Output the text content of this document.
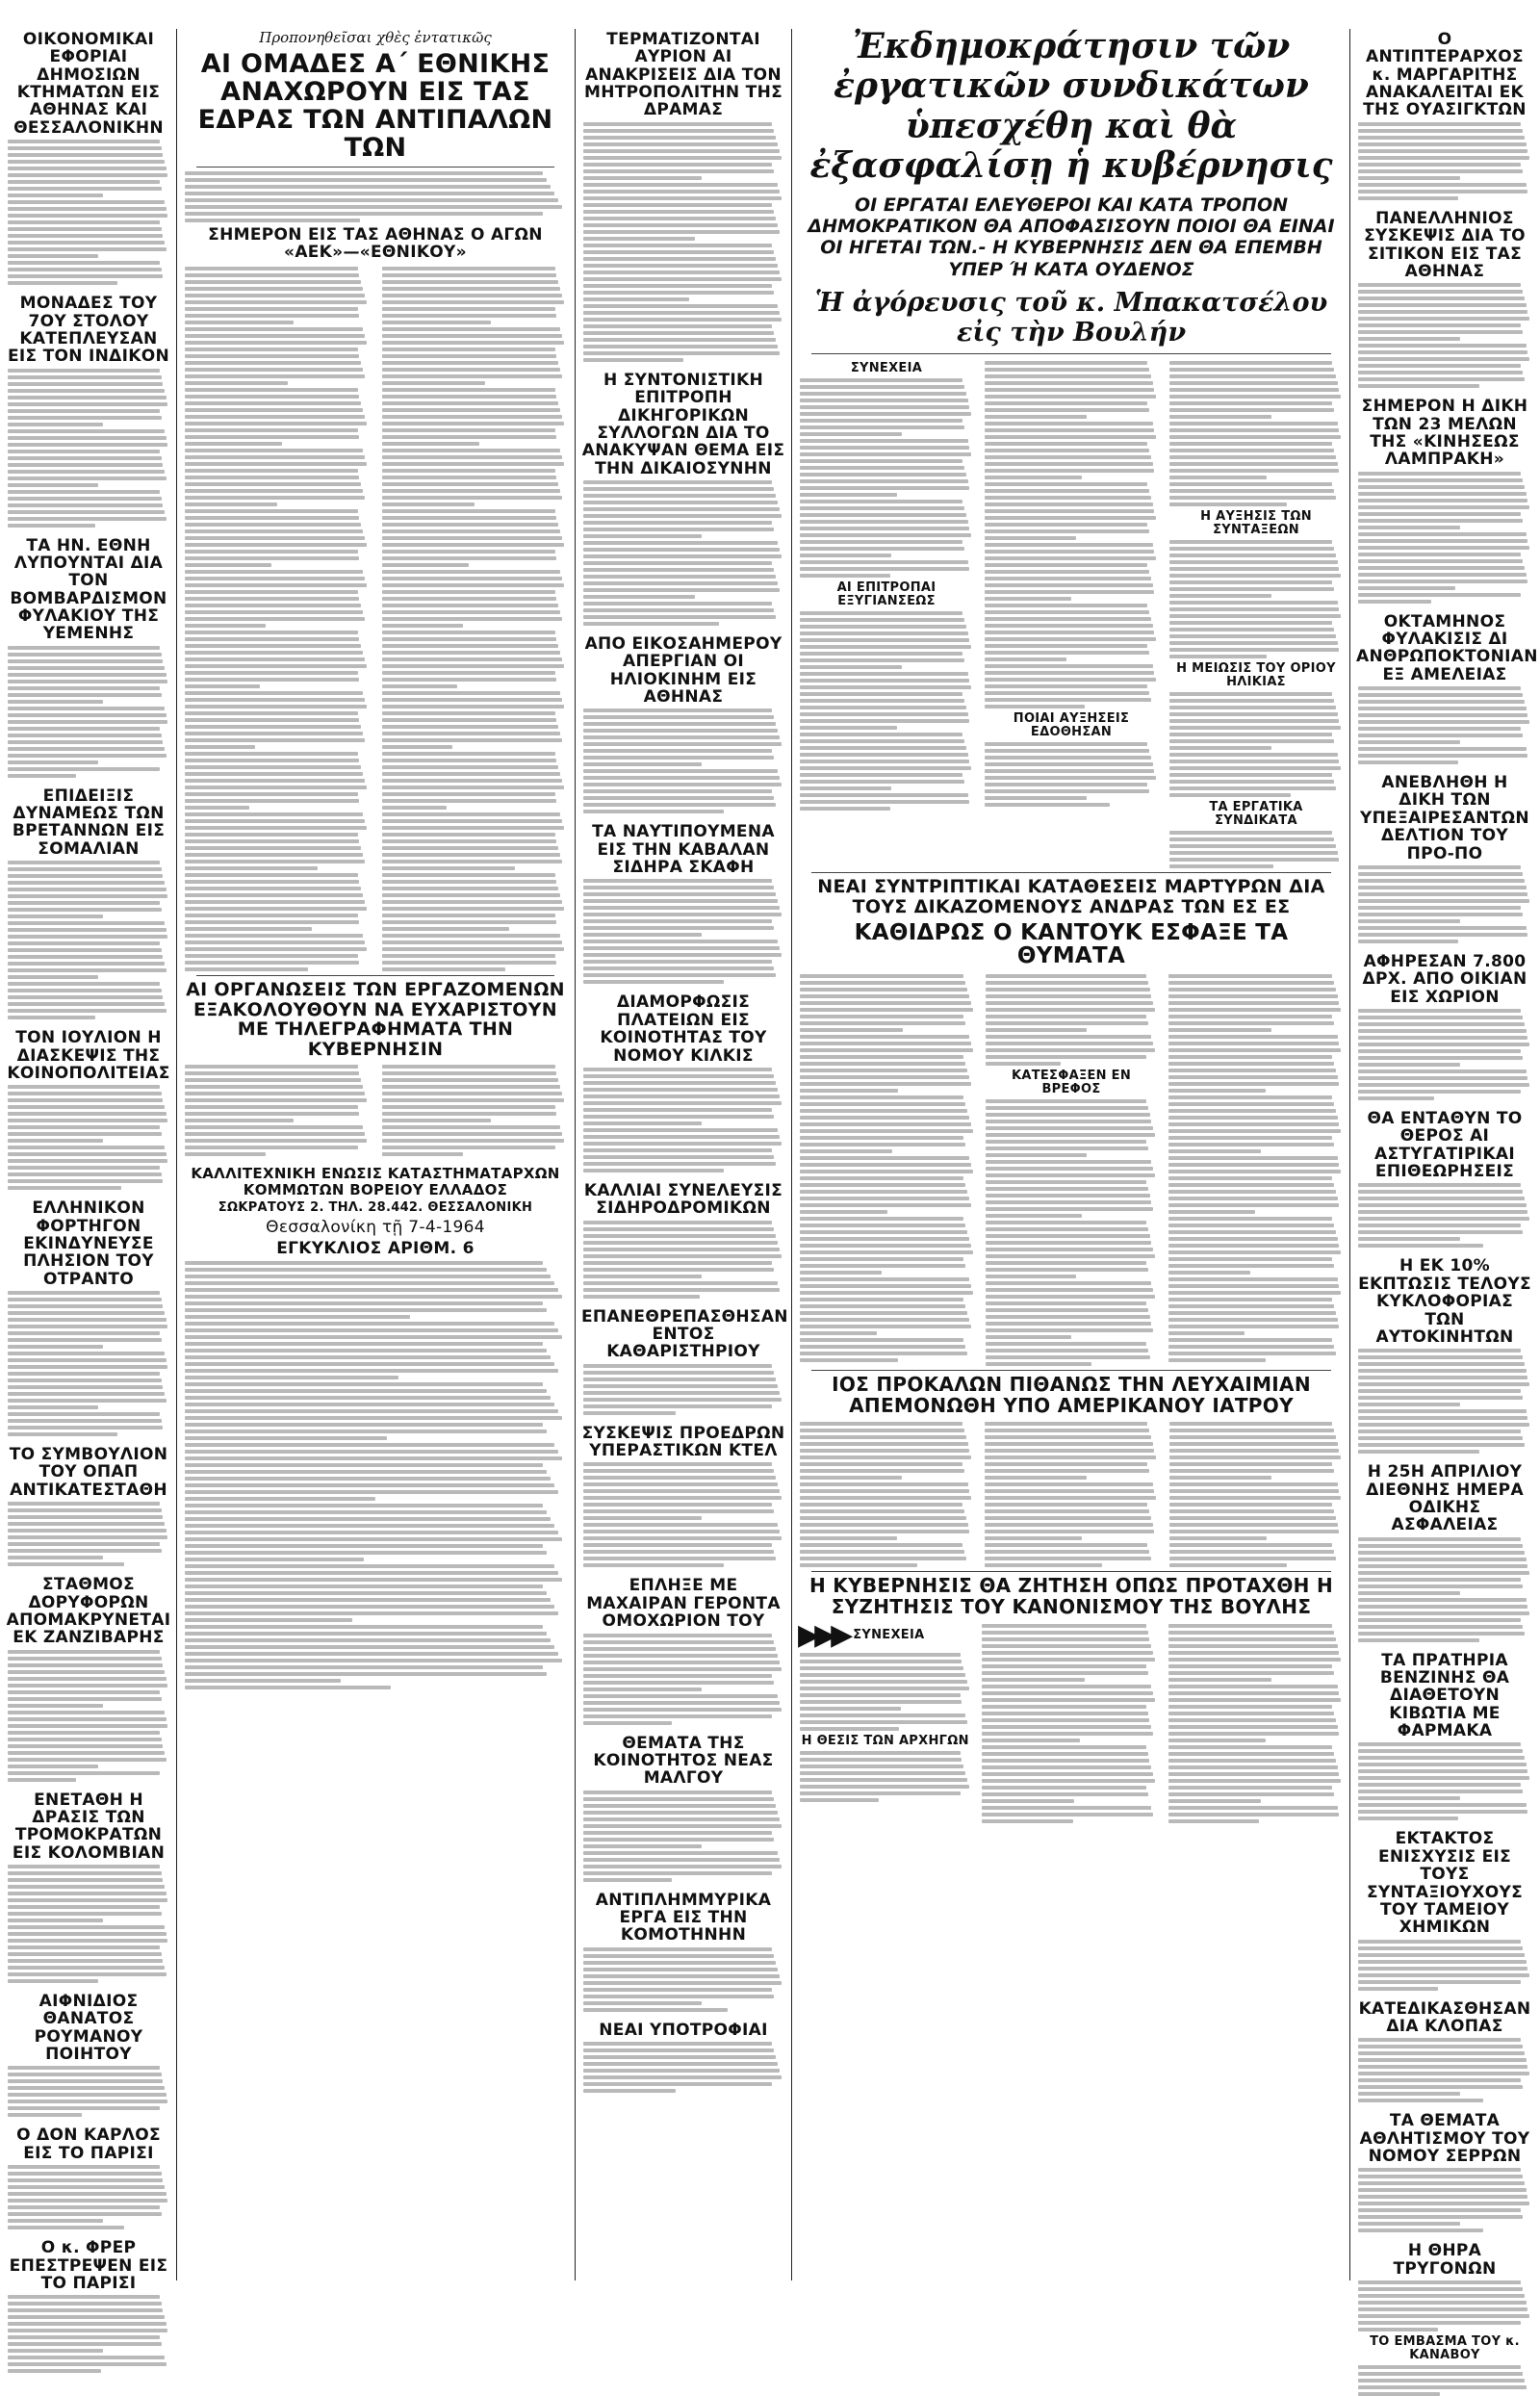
ΟΙΚΟΝΟΜΙΚΑΙ ΕΦΟΡΙΑΙ ΔΗΜΟΣΙΩΝ ΚΤΗΜΑΤΩΝ ΕΙΣ ΑΘΗΝΑΣ ΚΑΙ ΘΕΣΣΑΛΟΝΙΚΗΝ
ΜΟΝΑΔΕΣ ΤΟΥ 7ΟΥ ΣΤΟΛΟΥ ΚΑΤΕΠΛΕΥΣΑΝ ΕΙΣ ΤΟΝ ΙΝΔΙΚΟΝ
ΤΑ ΗΝ. ΕΘΝΗ ΛΥΠΟΥΝΤΑΙ ΔΙΑ ΤΟΝ ΒΟΜΒΑΡΔΙΣΜΟΝ ΦΥΛΑΚΙΟΥ ΤΗΣ ΥΕΜΕΝΗΣ
ΕΠΙΔΕΙΞΙΣ ΔΥΝΑΜΕΩΣ ΤΩΝ ΒΡΕΤΑΝΝΩΝ ΕΙΣ ΣΟΜΑΛΙΑΝ
ΤΟΝ ΙΟΥΛΙΟΝ Η ΔΙΑΣΚΕΨΙΣ ΤΗΣ ΚΟΙΝΟΠΟΛΙΤΕΙΑΣ
ΕΛΛΗΝΙΚΟΝ ΦΟΡΤΗΓΟΝ ΕΚΙΝΔΥΝΕΥΣΕ ΠΛΗΣΙΟΝ ΤΟΥ ΟΤΡΑΝΤΟ
ΤΟ ΣΥΜΒΟΥΛΙΟΝ ΤΟΥ ΟΠΑΠ ΑΝΤΙΚΑΤΕΣΤΑΘΗ
ΣΤΑΘΜΟΣ ΔΟΡΥΦΟΡΩΝ ΑΠΟΜΑΚΡΥΝΕΤΑΙ ΕΚ ΖΑΝΖΙΒΑΡΗΣ
ΕΝΕΤΑΘΗ Η ΔΡΑΣΙΣ ΤΩΝ ΤΡΟΜΟΚΡΑΤΩΝ ΕΙΣ ΚΟΛΟΜΒΙΑΝ
ΑΙΦΝΙΔΙΟΣ ΘΑΝΑΤΟΣ ΡΟΥΜΑΝΟΥ ΠΟΙΗΤΟΥ
Ο ΔΟΝ ΚΑΡΛΟΣ ΕΙΣ ΤΟ ΠΑΡΙΣΙ
Ο κ. ΦΡΕΡ ΕΠΕΣΤΡΕΨΕΝ ΕΙΣ ΤΟ ΠΑΡΙΣΙ
Προπονηθεῖσαι χθὲς ἐντατικῶς
ΑΙ ΟΜΑΔΕΣ Α΄ ΕΘΝΙΚΗΣ ΑΝΑΧΩΡΟΥΝ ΕΙΣ ΤΑΣ ΕΔΡΑΣ ΤΩΝ ΑΝΤΙΠΑΛΩΝ ΤΩΝ
ΣΗΜΕΡΟΝ ΕΙΣ ΤΑΣ ΑΘΗΝΑΣ Ο ΑΓΩΝ «ΑΕΚ»—«ΕΘΝΙΚΟΥ»
ΑΙ ΟΡΓΑΝΩΣΕΙΣ ΤΩΝ ΕΡΓΑΖΟΜΕΝΩΝ ΕΞΑΚΟΛΟΥΘΟΥΝ ΝΑ ΕΥΧΑΡΙΣΤΟΥΝ ΜΕ ΤΗΛΕΓΡΑΦΗΜΑΤΑ ΤΗΝ ΚΥΒΕΡΝΗΣΙΝ
ΚΑΛΛΙΤΕΧΝΙΚΗ ΕΝΩΣΙΣ ΚΑΤΑΣΤΗΜΑΤΑΡΧΩΝ ΚΟΜΜΩΤΩΝ ΒΟΡΕΙΟΥ ΕΛΛΑΔΟΣ
ΣΩΚΡΑΤΟΥΣ 2. ΤΗΛ. 28.442. ΘΕΣΣΑΛΟΝΙΚΗ
Θεσσαλονίκη τῇ 7-4-1964
ΕΓΚΥΚΛΙΟΣ ΑΡΙΘΜ. 6
ΤΕΡΜΑΤΙΖΟΝΤΑΙ ΑΥΡΙΟΝ ΑΙ ΑΝΑΚΡΙΣΕΙΣ ΔΙΑ ΤΟΝ ΜΗΤΡΟΠΟΛΙΤΗΝ ΤΗΣ ΔΡΑΜΑΣ
Η ΣΥΝΤΟΝΙΣΤΙΚΗ ΕΠΙΤΡΟΠΗ ΔΙΚΗΓΟΡΙΚΩΝ ΣΥΛΛΟΓΩΝ ΔΙΑ ΤΟ ΑΝΑΚΥΨΑΝ ΘΕΜΑ ΕΙΣ ΤΗΝ ΔΙΚΑΙΟΣΥΝΗΝ
ΑΠΟ ΕΙΚΟΣΑΗΜΕΡΟΥ ΑΠΕΡΓΙΑΝ ΟΙ ΗΛΙΟΚΙΝΗΜ ΕΙΣ ΑΘΗΝΑΣ
ΤΑ ΝΑΥΤΙΠΟΥΜΕΝΑ ΕΙΣ ΤΗΝ ΚΑΒΑΛΑΝ ΣΙΔΗΡΑ ΣΚΑΦΗ
ΔΙΑΜΟΡΦΩΣΙΣ ΠΛΑΤΕΙΩΝ ΕΙΣ ΚΟΙΝΟΤΗΤΑΣ ΤΟΥ ΝΟΜΟΥ ΚΙΛΚΙΣ
ΚΑΛΛΙΑΙ ΣΥΝΕΛΕΥΣΙΣ ΣΙΔΗΡΟΔΡΟΜΙΚΩΝ
ΕΠΑΝΕΘΡΕΠΑΣΘΗΣΑΝ ΕΝΤΟΣ ΚΑΘΑΡΙΣΤΗΡΙΟΥ
ΣΥΣΚΕΨΙΣ ΠΡΟΕΔΡΩΝ ΥΠΕΡΑΣΤΙΚΩΝ ΚΤΕΛ
ΕΠΛΗΞΕ ΜΕ ΜΑΧΑΙΡΑΝ ΓΕΡΟΝΤΑ ΟΜΟΧΩΡΙΟΝ ΤΟΥ
ΘΕΜΑΤΑ ΤΗΣ ΚΟΙΝΟΤΗΤΟΣ ΝΕΑΣ ΜΑΛΓΟΥ
ΑΝΤΙΠΛΗΜΜΥΡΙΚΑ ΕΡΓΑ ΕΙΣ ΤΗΝ ΚΟΜΟΤΗΝΗΝ
ΝΕΑΙ ΥΠΟΤΡΟΦΙΑΙ
Ἐκδημοκράτησιν τῶν ἐργατικῶν συνδικάτων
ὑπεσχέθη καὶ θὰ ἐξασφαλίσῃ ἡ κυβέρνησις
ΟΙ ΕΡΓΑΤΑΙ ΕΛΕΥΘΕΡΟΙ ΚΑΙ ΚΑΤΑ ΤΡΟΠΟΝ ΔΗΜΟΚΡΑΤΙΚΟΝ ΘΑ ΑΠΟΦΑΣΙΣΟΥΝ ΠΟΙΟΙ ΘΑ ΕΙΝΑΙ ΟΙ ΗΓΕΤΑΙ ΤΩΝ.- Η ΚΥΒΕΡΝΗΣΙΣ ΔΕΝ ΘΑ ΕΠΕΜΒΗ ΥΠΕΡ Ή ΚΑΤΑ ΟΥΔΕΝΟΣ
Ἡ ἀγόρευσις τοῦ κ. Μπακατσέλου εἰς τὴν Βουλήν
ΣΥΝΕΧΕΙΑ
ΑΙ ΕΠΙΤΡΟΠΑΙ ΕΞΥΓΙΑΝΣΕΩΣ
ΠΟΙΑΙ ΑΥΞΗΣΕΙΣ ΕΔΟΘΗΣΑΝ
Η ΑΥΞΗΣΙΣ ΤΩΝ ΣΥΝΤΑΞΕΩΝ
Η ΜΕΙΩΣΙΣ ΤΟΥ ΟΡΙΟΥ ΗΛΙΚΙΑΣ
ΤΑ ΕΡΓΑΤΙΚΑ ΣΥΝΔΙΚΑΤΑ
ΝΕΑΙ ΣΥΝΤΡΙΠΤΙΚΑΙ ΚΑΤΑΘΕΣΕΙΣ ΜΑΡΤΥΡΩΝ ΔΙΑ ΤΟΥΣ ΔΙΚΑΖΟΜΕΝΟΥΣ ΑΝΔΡΑΣ ΤΩΝ ΕΣ ΕΣ
ΚΑΘΙΔΡΩΣ Ο ΚΑΝΤΟΥΚ ΕΣΦΑΞΕ ΤΑ ΘΥΜΑΤΑ
ΚΑΤΕΣΦΑΞΕΝ ΕΝ ΒΡΕΦΟΣ
ΙΟΣ ΠΡΟΚΑΛΩΝ ΠΙΘΑΝΩΣ ΤΗΝ ΛΕΥΧΑΙΜΙΑΝ ΑΠΕΜΟΝΩΘΗ ΥΠΟ ΑΜΕΡΙΚΑΝΟΥ ΙΑΤΡΟΥ
Η ΚΥΒΕΡΝΗΣΙΣ ΘΑ ΖΗΤΗΣΗ ΟΠΩΣ ΠΡΟΤΑΧΘΗ Η ΣΥΖΗΤΗΣΙΣ ΤΟΥ ΚΑΝΟΝΙΣΜΟΥ ΤΗΣ ΒΟΥΛΗΣ
▶▶▶ ΣΥΝΕΧΕΙΑ
Η ΘΕΣΙΣ ΤΩΝ ΑΡΧΗΓΩΝ
Ο ΑΝΤΙΠΤΕΡΑΡΧΟΣ κ. ΜΑΡΓΑΡΙΤΗΣ ΑΝΑΚΑΛΕΙΤΑΙ ΕΚ ΤΗΣ ΟΥΑΣΙΓΚΤΩΝ
ΠΑΝΕΛΛΗΝΙΟΣ ΣΥΣΚΕΨΙΣ ΔΙΑ ΤΟ ΣΙΤΙΚΟΝ ΕΙΣ ΤΑΣ ΑΘΗΝΑΣ
ΣΗΜΕΡΟΝ Η ΔΙΚΗ ΤΩΝ 23 ΜΕΛΩΝ ΤΗΣ «ΚΙΝΗΣΕΩΣ ΛΑΜΠΡΑΚΗ»
ΟΚΤΑΜΗΝΟΣ ΦΥΛΑΚΙΣΙΣ ΔΙ ΑΝΘΡΩΠΟΚΤΟΝΙΑΝ ΕΞ ΑΜΕΛΕΙΑΣ
ΑΝΕΒΛΗΘΗ Η ΔΙΚΗ ΤΩΝ ΥΠΕΞΑΙΡΕΣΑΝΤΩΝ ΔΕΛΤΙΟΝ ΤΟΥ ΠΡΟ-ΠΟ
ΑΦΗΡΕΣΑΝ 7.800 ΔΡΧ. ΑΠΟ ΟΙΚΙΑΝ ΕΙΣ ΧΩΡΙΟΝ
ΘΑ ΕΝΤΑΘΥΝ ΤΟ ΘΕΡΟΣ ΑΙ ΑΣΤΥΓΑΤΙΡΙΚΑΙ ΕΠΙΘΕΩΡΗΣΕΙΣ
Η ΕΚ 10% ΕΚΠΤΩΣΙΣ ΤΕΛΟΥΣ ΚΥΚΛΟΦΟΡΙΑΣ ΤΩΝ ΑΥΤΟΚΙΝΗΤΩΝ
Η 25Η ΑΠΡΙΛΙΟΥ ΔΙΕΘΝΗΣ ΗΜΕΡΑ ΟΔΙΚΗΣ ΑΣΦΑΛΕΙΑΣ
ΤΑ ΠΡΑΤΗΡΙΑ ΒΕΝΖΙΝΗΣ ΘΑ ΔΙΑΘΕΤΟΥΝ ΚΙΒΩΤΙΑ ΜΕ ΦΑΡΜΑΚΑ
ΕΚΤΑΚΤΟΣ ΕΝΙΣΧΥΣΙΣ ΕΙΣ ΤΟΥΣ ΣΥΝΤΑΞΙΟΥΧΟΥΣ ΤΟΥ ΤΑΜΕΙΟΥ ΧΗΜΙΚΩΝ
ΚΑΤΕΔΙΚΑΣΘΗΣΑΝ ΔΙΑ ΚΛΟΠΑΣ
ΤΑ ΘΕΜΑΤΑ ΑΘΛΗΤΙΣΜΟΥ ΤΟΥ ΝΟΜΟΥ ΣΕΡΡΩΝ
Η ΘΗΡΑ ΤΡΥΓΟΝΩΝ
ΤΟ ΕΜΒΑΣΜΑ ΤΟΥ κ. ΚΑΝΑΒΟΥ
